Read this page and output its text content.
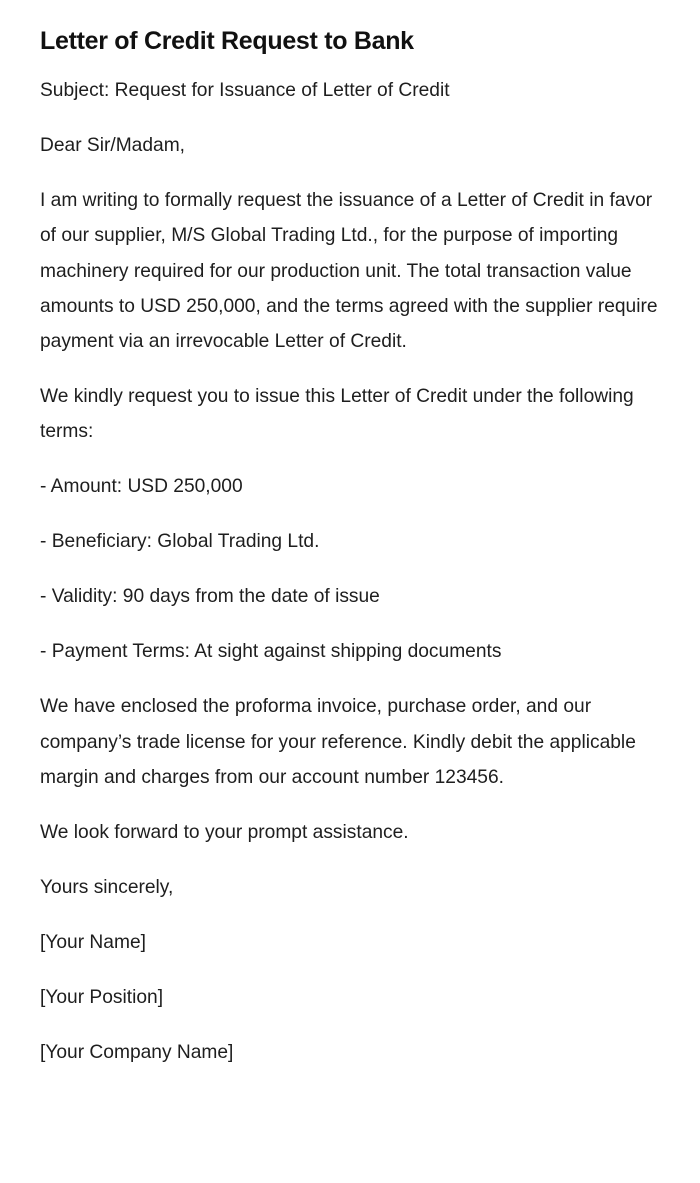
Letter of Credit Request to Bank

Subject: Request for Issuance of Letter of Credit

Dear Sir/Madam,

I am writing to formally request the issuance of a Letter of Credit in favor of our supplier, M/S Global Trading Ltd., for the purpose of importing machinery required for our production unit. The total transaction value amounts to USD 250,000, and the terms agreed with the supplier require payment via an irrevocable Letter of Credit.

We kindly request you to issue this Letter of Credit under the following terms:

- Amount: USD 250,000

- Beneficiary: Global Trading Ltd.

- Validity: 90 days from the date of issue

- Payment Terms: At sight against shipping documents

We have enclosed the proforma invoice, purchase order, and our company’s trade license for your reference. Kindly debit the applicable margin and charges from our account number 123456.

We look forward to your prompt assistance.

Yours sincerely,

[Your Name]

[Your Position]

[Your Company Name]
